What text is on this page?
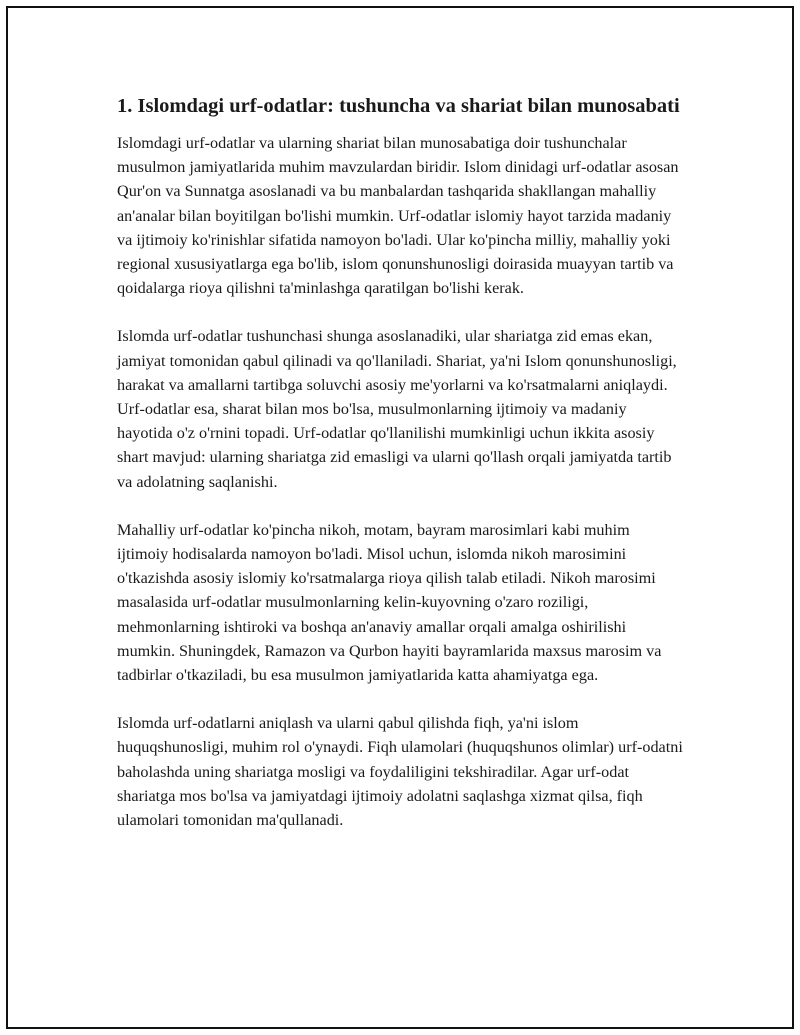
1. Islomdagi urf-odatlar: tushuncha va shariat bilan munosabati

Islomdagi urf-odatlar va ularning shariat bilan munosabatiga doir tushunchalar musulmon jamiyatlarida muhim mavzulardan biridir. Islom dinidagi urf-odatlar asosan Qur'on va Sunnatga asoslanadi va bu manbalardan tashqarida shakllangan mahalliy an'analar bilan boyitilgan bo'lishi mumkin. Urf-odatlar islomiy hayot tarzida madaniy va ijtimoiy ko'rinishlar sifatida namoyon bo'ladi. Ular ko'pincha milliy, mahalliy yoki regional xususiyatlarga ega bo'lib, islom qonunshunosligi doirasida muayyan tartib va qoidalarga rioya qilishni ta'minlashga qaratilgan bo'lishi kerak.

Islomda urf-odatlar tushunchasi shunga asoslanadiki, ular shariatga zid emas ekan, jamiyat tomonidan qabul qilinadi va qo'llaniladi. Shariat, ya'ni Islom qonunshunosligi, harakat va amallarni tartibga soluvchi asosiy me'yorlarni va ko'rsatmalarni aniqlaydi. Urf-odatlar esa, sharat bilan mos bo'lsa, musulmonlarning ijtimoiy va madaniy hayotida o'z o'rnini topadi. Urf-odatlar qo'llanilishi mumkinligi uchun ikkita asosiy shart mavjud: ularning shariatga zid emasligi va ularni qo'llash orqali jamiyatda tartib va adolatning saqlanishi.

Mahalliy urf-odatlar ko'pincha nikoh, motam, bayram marosimlari kabi muhim ijtimoiy hodisalarda namoyon bo'ladi. Misol uchun, islomda nikoh marosimini o'tkazishda asosiy islomiy ko'rsatmalarga rioya qilish talab etiladi. Nikoh marosimi masalasida urf-odatlar musulmonlarning kelin-kuyovning o'zaro roziligi, mehmonlarning ishtiroki va boshqa an'anaviy amallar orqali amalga oshirilishi mumkin. Shuningdek, Ramazon va Qurbon hayiti bayramlarida maxsus marosim va tadbirlar o'tkaziladi, bu esa musulmon jamiyatlarida katta ahamiyatga ega.

Islomda urf-odatlarni aniqlash va ularni qabul qilishda fiqh, ya'ni islom huquqshunosligi, muhim rol o'ynaydi. Fiqh ulamolari (huquqshunos olimlar) urf-odatni baholashda uning shariatga mosligi va foydaliligini tekshiradilar. Agar urf-odat shariatga mos bo'lsa va jamiyatdagi ijtimoiy adolatni saqlashga xizmat qilsa, fiqh ulamolari tomonidan ma'qullanadi.
